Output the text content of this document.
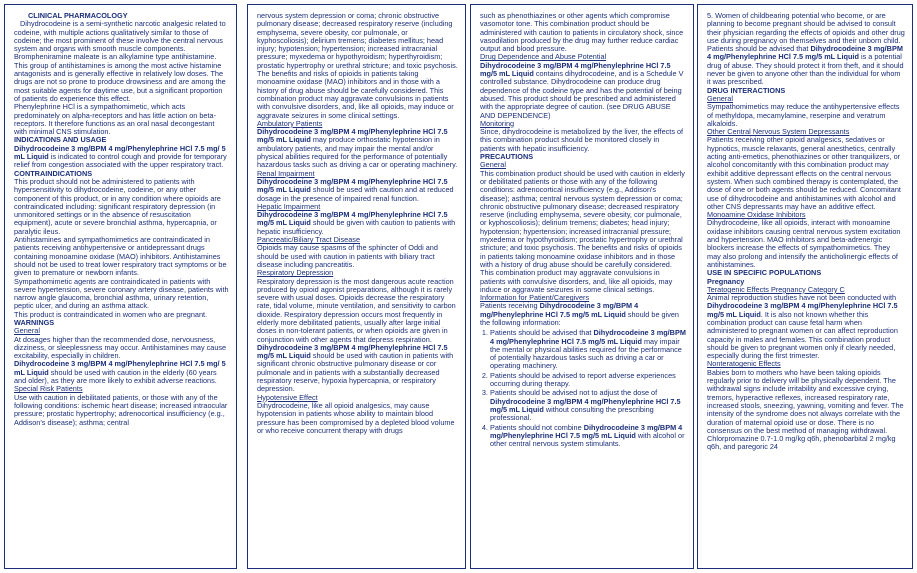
CLINICAL PHARMACOLOGY

Dihydrocodeine is a semi-synthetic narcotic analgesic related to codeine, with multiple actions qualitatively similar to those of codeine; the most prominent of these involve the central nervous system and organs with smooth muscle components.

Brompheniramine maleate is an alkylamine type antihistamine. This group of antihistamines is among the most active histamine antagonists and is generally effective in relatively low doses. The drugs are not so prone to produce drowsiness and are among the most suitable agents for daytime use, but a significant proportion of patients do experience this effect.

Phenylephrine HCl is a sympathomimetic, which acts predominately on alpha-receptors and has little action on beta-receptors. It therefore functions as an oral nasal decongestant with minimal CNS stimulation.

INDICATIONS AND USAGE

Dihydrocodeine 3 mg/BPM 4 mg/Phenylephrine HCl 7.5 mg/ 5 mL Liquid is indicated to control cough and provide for temporary relief from congestion associated with the upper respiratory tract.

CONTRAINDICATIONS

This product should not be administered to patients with hypersensitivity to dihydrocodeine, codeine, or any other component of this product, or in any condition where opioids are contraindicated including: significant respiratory depression (in unmonitored settings or in the absence of resuscitation equipment), acute or severe bronchial asthma, hypercapnia, or paralytic ileus.

Antihistamines and sympathomimetics are contraindicated in patients receiving antihypertensive or antidepressant drugs containing monoamine oxidase (MAO) inhibitors. Antihistamines should not be used to treat lower respiratory tract symptoms or be given to premature or newborn infants.

Sympathomimetic agents are contraindicated in patients with severe hypertension, severe coronary artery disease, patients with narrow angle glaucoma, bronchial asthma, urinary retention, peptic ulcer, and during an asthma attack.

This product is contraindicated in women who are pregnant.

WARNINGS
General

At dosages higher than the recommended dose, nervousness, dizziness, or sleeplessness may occur. Antihistamines may cause excitability, especially in children.

Dihydrocodeine 3 mg/BPM 4 mg/Phenylephrine HCl 7.5 mg/ 5 mL Liquid should be used with caution in the elderly (60 years and older), as they are more likely to exhibit adverse reactions.

Special Risk Patients

Use with caution in debilitated patients, or those with any of the following conditions: ischemic heart disease; increased intraocular pressure; prostatic hypertrophy; adrenocortical insufficiency (e.g., Addison's disease); asthma; central

nervous system depression or coma; chronic obstructive pulmonary disease; decreased respiratory reserve (including emphysema, severe obesity, cor pulmonale, or kyphoscoliosis); delirium tremens; diabetes mellitus; head injury; hypotension; hypertension; increased intracranial pressure; myxedema or hypothyroidism; hyperthyroidism; prostatic hypertrophy or urethral stricture; and toxic psychosis. The benefits and risks of opioids in patients taking monoamine oxidase (MAO) inhibitors and in those with a history of drug abuse should be carefully considered. This combination product may aggravate convulsions in patients with convulsive disorders, and, like all opioids, may induce or aggravate seizures in some clinical settings.

Ambulatory Patients

Dihydrocodeine 3 mg/BPM 4 mg/Phenylephrine HCl 7.5 mg/5 mL Liquid may produce orthostatic hypotension in ambulatory patients, and may impair the mental and/or physical abilities required for the performance of potentially hazardous tasks such as driving a car or operating machinery.

Renal Impairment

Dihydrocodeine 3 mg/BPM 4 mg/Phenylephrine HCl 7.5 mg/5 mL Liquid should be used with caution and at reduced dosage in the presence of impaired renal function.

Hepatic Impairment

Dihydrocodeine 3 mg/BPM 4 mg/Phenylephrine HCl 7.5 mg/5 mL Liquid should be given with caution to patients with hepatic insufficiency.

Pancreatic/Biliary Tract Disease

Opioids may cause spasms of the sphincter of Oddi and should be used with caution in patients with biliary tract disease including pancreatitis.

Respiratory Depression

Respiratory depression is the most dangerous acute reaction produced by opioid agonist preparations, although it is rarely severe with usual doses. Opioids decrease the respiratory rate, tidal volume, minute ventilation, and sensitivity to carbon dioxide. Respiratory depression occurs most frequently in elderly more debilitated patients, usually after large initial doses in non-tolerant patients, or when opioids are given in conjunction with other agents that depress respiration.

Dihydrocodeine 3 mg/BPM 4 mg/Phenylephrine HCl 7.5 mg/5 mL Liquid should be used with caution in patients with significant chronic obstructive pulmonary disease or cor pulmonale and in patients with a substantially decreased respiratory reserve, hypoxia hypercapnia, or respiratory depression.

Hypotensive Effect

Dihydrocodeine, like all opioid analgesics, may cause hypotension in patients whose ability to maintain blood pressure has been compromised by a depleted blood volume or who receive concurrent therapy with drugs

such as phenothiazines or other agents which compromise vasomotor tone. This combination product should be administered with caution to patients in circulatory shock, since vasodilation produced by the drug may further reduce cardiac output and blood pressure.

Drug Dependence and Abuse Potential

Dihydrocodeine 3 mg/BPM 4 mg/Phenylephrine HCl 7.5 mg/5 mL Liquid contains dihydrocodeine, and is a Schedule V controlled substance. Dihydrocodeine can produce drug dependence of the codeine type and has the potential of being abused. This product should be prescribed and administered with the appropriate degree of caution. (see DRUG ABUSE AND DEPENDENCE)

Monitoring

Since, dihydrocodeine is metabolized by the liver, the effects of this combination product should be monitored closely in patients with hepatic insufficiency.

PRECAUTIONS
General

This combination product should be used with caution in elderly or debilitated patients or those with any of the following conditions: adrenocortical insufficiency (e.g., Addison's disease); asthma; central nervous system depression or coma; chronic obstructive pulmonary disease; decreased respiratory reserve (including emphysema, severe obesity, cor pulmonale, or kyphoscoliosis); delirium tremens; diabetes; head injury; hypotension; hypertension; increased intracranial pressure; myxedema or hypothyroidism; prostatic hypertrophy or urethral stricture; and toxic psychosis. The benefits and risks of opioids in patients taking monoamine oxidase inhibitors and in those with a history of drug abuse should be carefully considered. This combination product may aggravate convulsions in patients with convulsive disorders, and, like all opioids, may induce or aggravate seizures in some clinical settings.

Information for Patient/Caregivers

Patients receiving Dihydrocodeine 3 mg/BPM 4 mg/Phenylephrine HCl 7.5 mg/5 mL Liquid should be given the following information:

1. Patients should be advised that Dihydrocodeine 3 mg/BPM 4 mg/Phenylephrine HCl 7.5 mg/5 mL Liquid may impair the mental or physical abilities required for the performance of potentially hazardous tasks such as driving a car or operating machinery.
2. Patients should be advised to report adverse experiences occurring during therapy.
3. Patients should be advised not to adjust the dose of Dihydrocodeine 3 mg/BPM 4 mg/Phenylephrine HCl 7.5 mg/5 mL Liquid without consulting the prescribing professional.
4. Patients should not combine Dihydrocodeine 3 mg/BPM 4 mg/Phenylephrine HCl 7.5 mg/5 mL Liquid with alcohol or other central nervous system stimulants.

5. Women of childbearing potential who become, or are planning to become pregnant should be advised to consult their physician regarding the effects of opioids and other drug use during pregnancy on themselves and their unborn child.

Patients should be advised that Dihydrocodeine 3 mg/BPM 4 mg/Phenylephrine HCl 7.5 mg/5 mL Liquid is a potential drug of abuse. They should protect it from theft, and it should never be given to anyone other than the individual for whom it was prescribed.

DRUG INTERACTIONS
General

Sympathomimetics may reduce the antihypertensive effects of methyldopa, mecamylamine, reserpine and veratrum alkaloids.

Other Central Nervous System Depressants

Patients receiving other opioid analgesics, sedatives or hypnotics, muscle relaxants, general anesthetics, centrally acting anti-emetics, phenothiazines or other tranquilizers, or alcohol concomitantly with this combination product may exhibit additive depressant effects on the central nervous system. When such combined therapy is contemplated, the dose of one or both agents should be reduced. Concomitant use of dihydrocodeine and antihistamines with alcohol and other CNS depressants may have an additive effect.

Monoamine Oxidase Inhibitors

Dihydrocodeine, like all opioids, interact with monoamine oxidase inhibitors causing central nervous system excitation and hypertension. MAO inhibitors and beta-adrenergic blockers increase the effects of sympathomimetics. They may also prolong and intensify the anticholinergic effects of antihistamines.

USE IN SPECIFIC POPULATIONS
Pregnancy
Teratogenic Effects Pregnancy Category C

Animal reproduction studies have not been conducted with Dihydrocodeine 3 mg/BPM 4 mg/Phenylephrine HCl 7.5 mg/5 mL Liquid. It is also not known whether this combination product can cause fetal harm when administered to pregnant women or can affect reproduction capacity in males and females. This combination product should be given to pregnant women only if clearly needed, especially during the first trimester.

Nonteratogenic Effects

Babies born to mothers who have been taking opioids regularly prior to delivery will be physically dependent. The withdrawal signs include irritability and excessive crying, tremors, hyperactive reflexes, increased respiratory rate, increased stools, sneezing, yawning, vomiting and fever. The intensity of the syndrome does not always correlate with the duration of maternal opioid use or dose. There is no consensus on the best method of managing withdrawal. Chlorpromazine 0.7-1.0 mg/kg q6h, phenobarbital 2 mg/kg q6h, and paregoric 24
